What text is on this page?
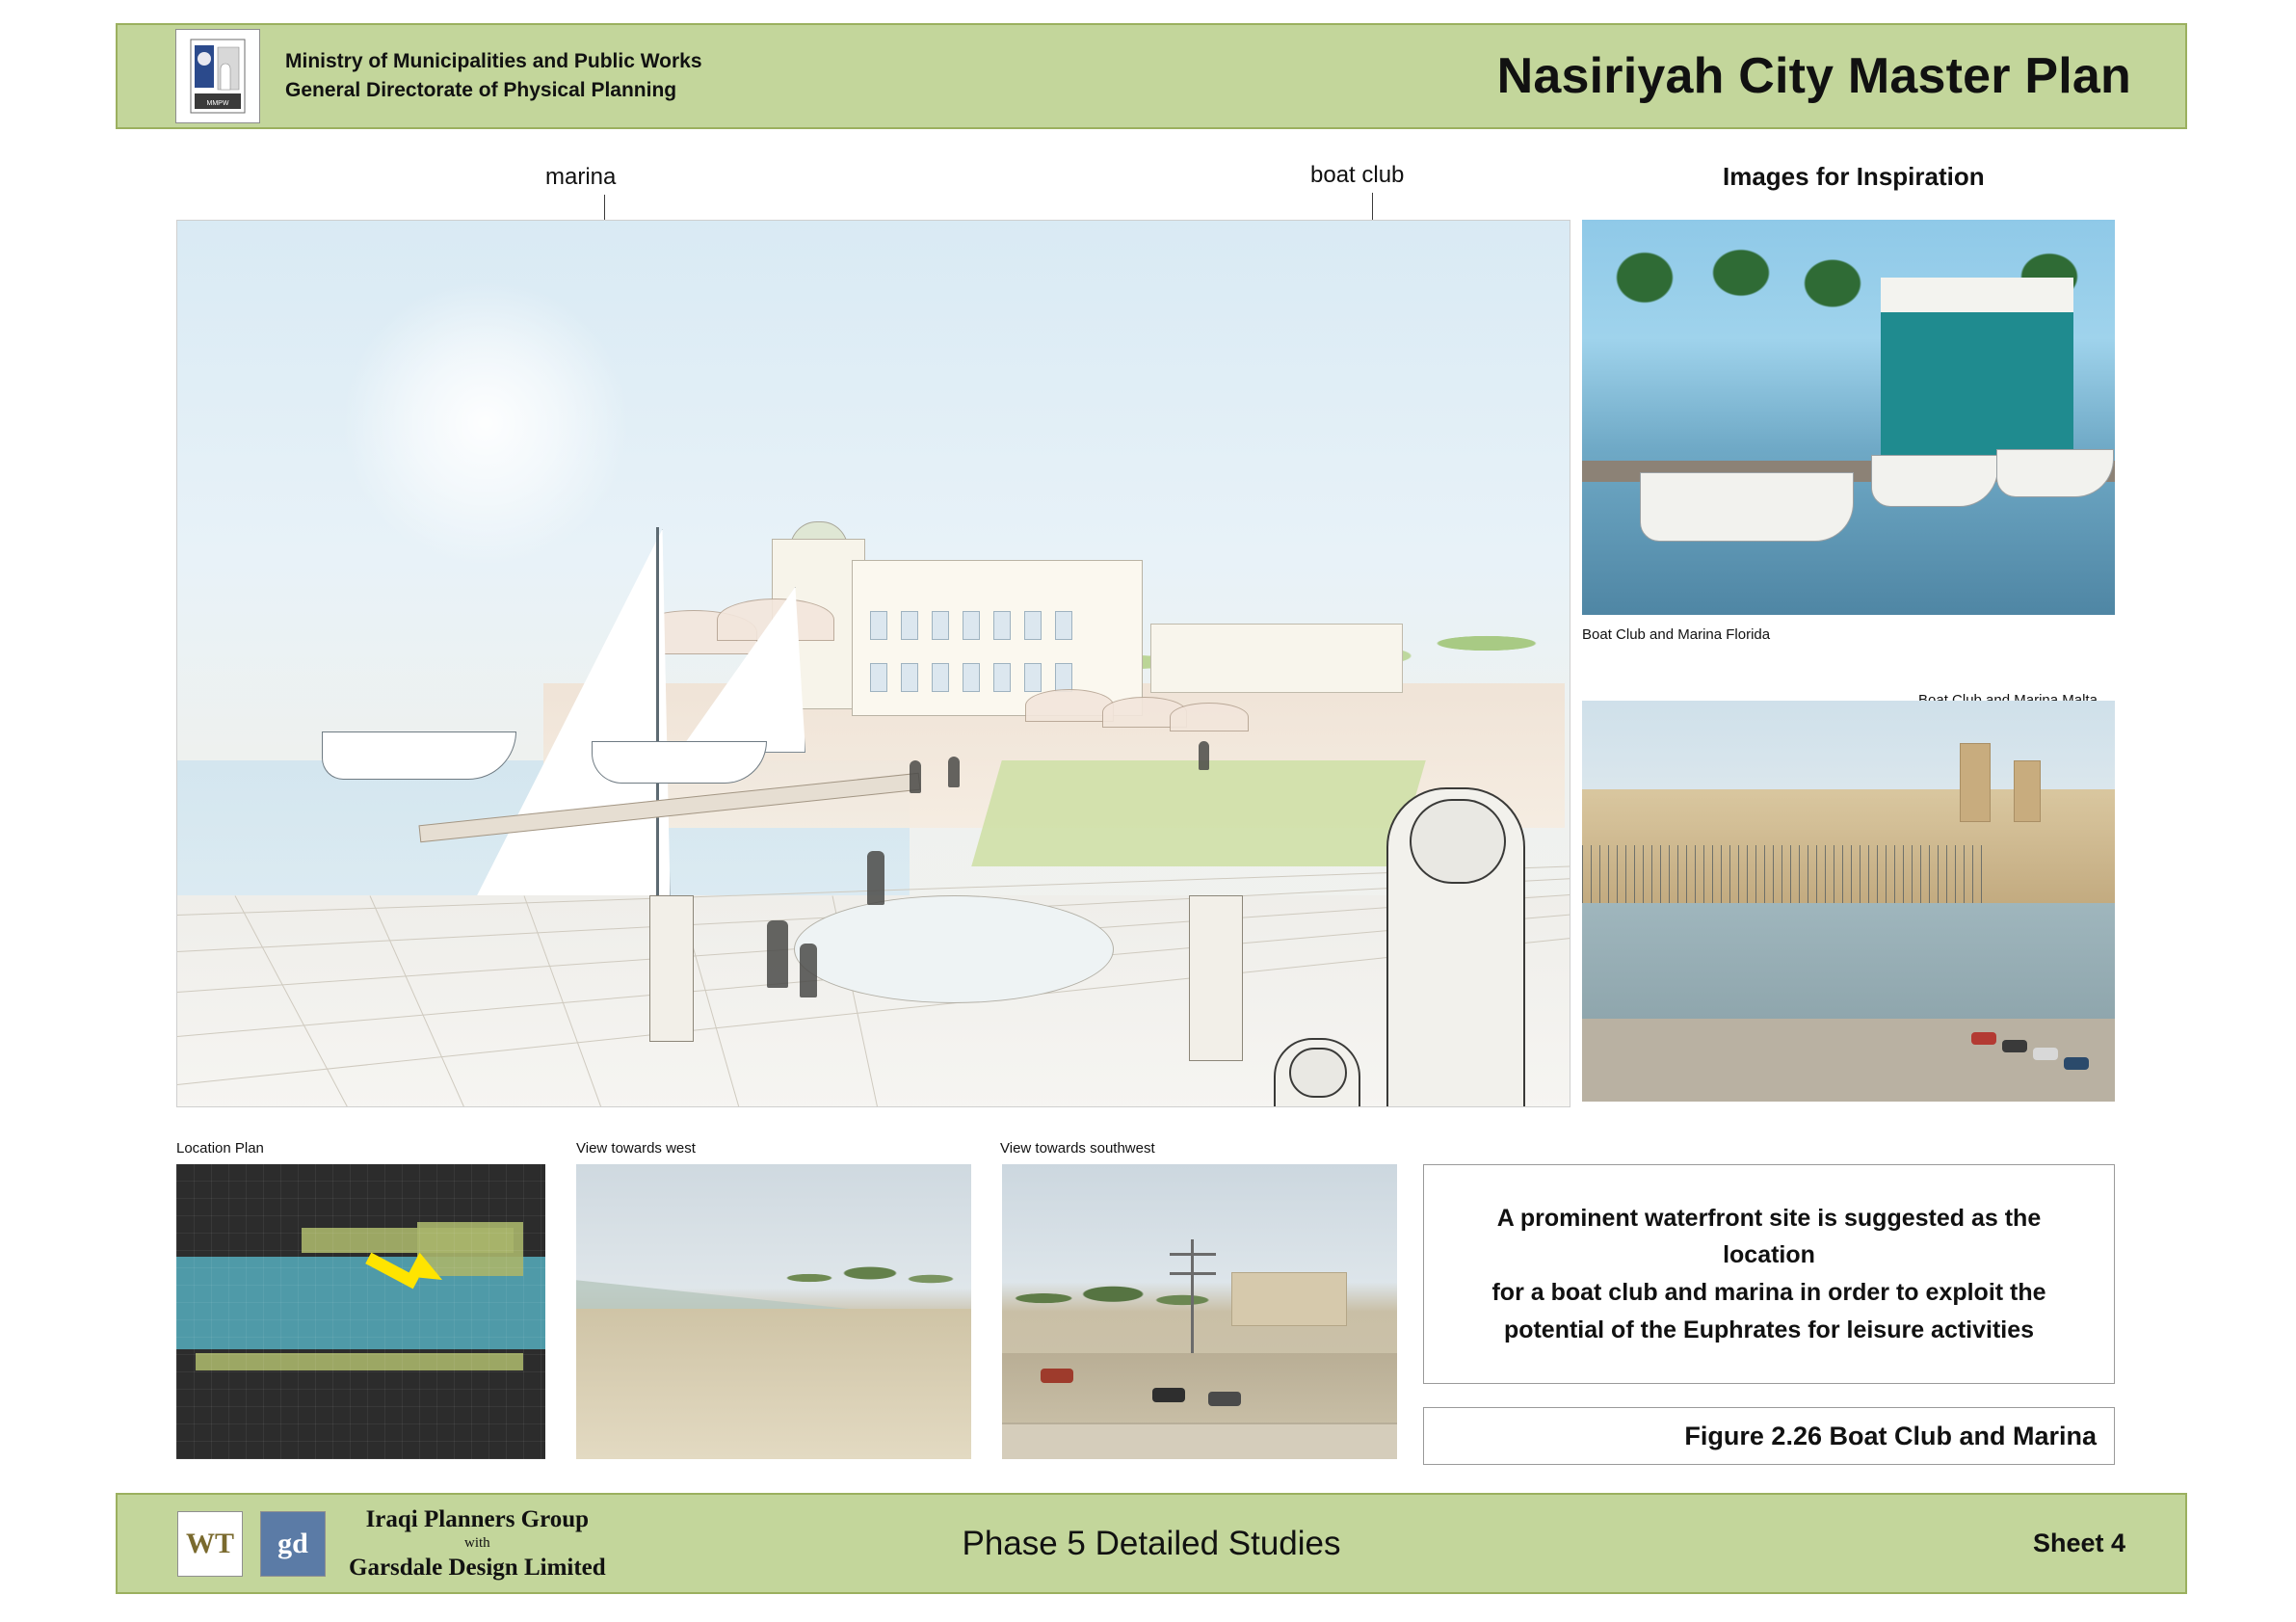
MMPW
Ministry of Municipalities and Public Works
General Directorate of Physical Planning	Nasiriyah City Master Plan
marina	boat club	Images for Inspiration
Boat Club and Marina Florida
Location Plan	View towards west	View towards southwest
A prominent waterfront site is suggested as the location
for a boat club and marina in order to exploit the
potential of the Euphrates for leisure activities
Figure 2.26 Boat Club and Marina
WT	gd
Iraqi Planners Group
with
Garsdale Design Limited
Phase 5 Detailed Studies	Sheet 4
